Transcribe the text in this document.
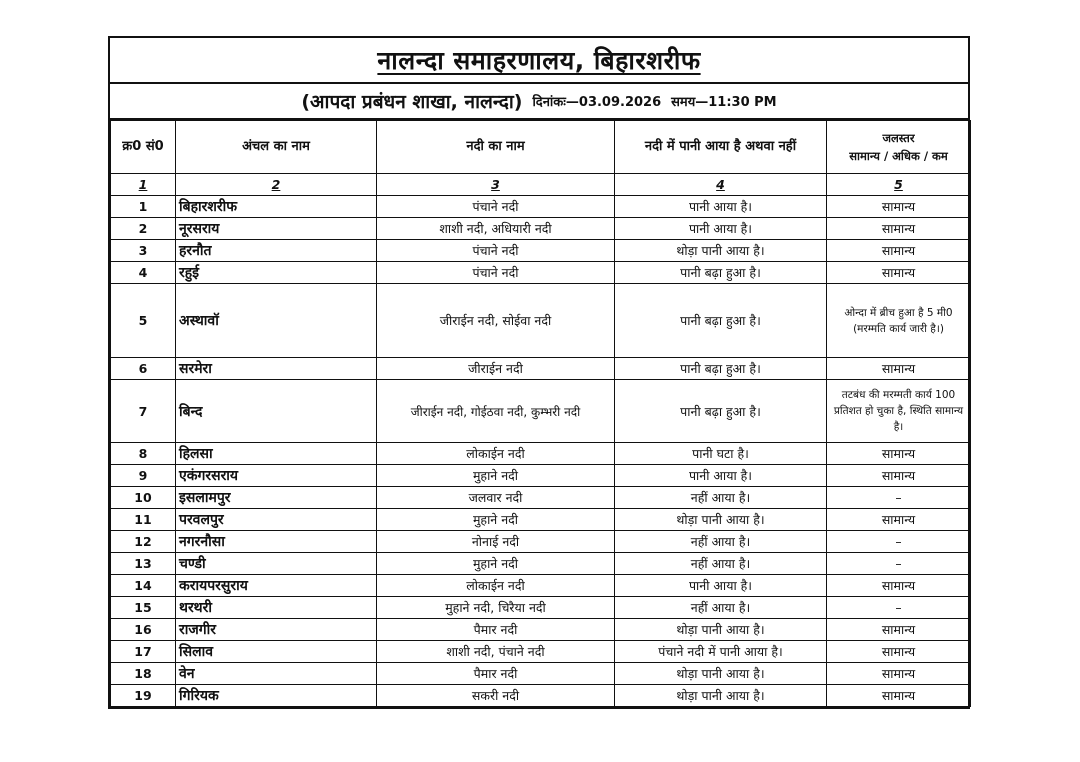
नालन्दा समाहरणालय, बिहारशरीफ
(आपदा प्रबंधन शाखा, नालन्दा) दिनांकः—03.09.2026 समय—11:30 PM
क्र0 सं0	अंचल का नाम	नदी का नाम	नदी में पानी आया है अथवा नहीं	जलस्तर
सामान्य / अधिक / कम

1	2	3	4	5
1	बिहारशरीफ	पंचाने नदी	पानी आया है।	सामान्य
2	नूरसराय	शाशी नदी, अधियारी नदी	पानी आया है।	सामान्य
3	हरनौत	पंचाने नदी	थोड़ा पानी आया है।	सामान्य
4	रहुई	पंचाने नदी	पानी बढ़ा हुआ है।	सामान्य
5	अस्थावॉ	जीराईन नदी, सोईवा नदी	पानी बढ़ा हुआ है।	ओन्दा में ब्रीच हुआ है 5 मी0 (मरम्मति कार्य जारी है।)
6	सरमेरा	जीराईन नदी	पानी बढ़ा हुआ है।	सामान्य
7	बिन्द	जीराईन नदी, गोईठवा नदी, कुम्भरी नदी	पानी बढ़ा हुआ है।	तटबंध की मरम्मती कार्य 100 प्रतिशत हो चुका है, स्थिति सामान्य है।
8	हिलसा	लोकाईन नदी	पानी घटा है।	सामान्य
9	एकंगरसराय	मुहाने नदी	पानी आया है।	सामान्य
10	इसलामपुर	जलवार नदी	नहीं आया है।	–
11	परवलपुर	मुहाने नदी	थोड़ा पानी आया है।	सामान्य
12	नगरनौसा	नोनाई नदी	नहीं आया है।	–
13	चण्डी	मुहाने नदी	नहीं आया है।	–
14	करायपरसुराय	लोकाईन नदी	पानी आया है।	सामान्य
15	थरथरी	मुहाने नदी, चिरैया नदी	नहीं आया है।	–
16	राजगीर	पैमार नदी	थोड़ा पानी आया है।	सामान्य
17	सिलाव	शाशी नदी, पंचाने नदी	पंचाने नदी में पानी आया है।	सामान्य
18	वेन	पैमार नदी	थोड़ा पानी आया है।	सामान्य
19	गिरियक	सकरी नदी	थोड़ा पानी आया है।	सामान्य
